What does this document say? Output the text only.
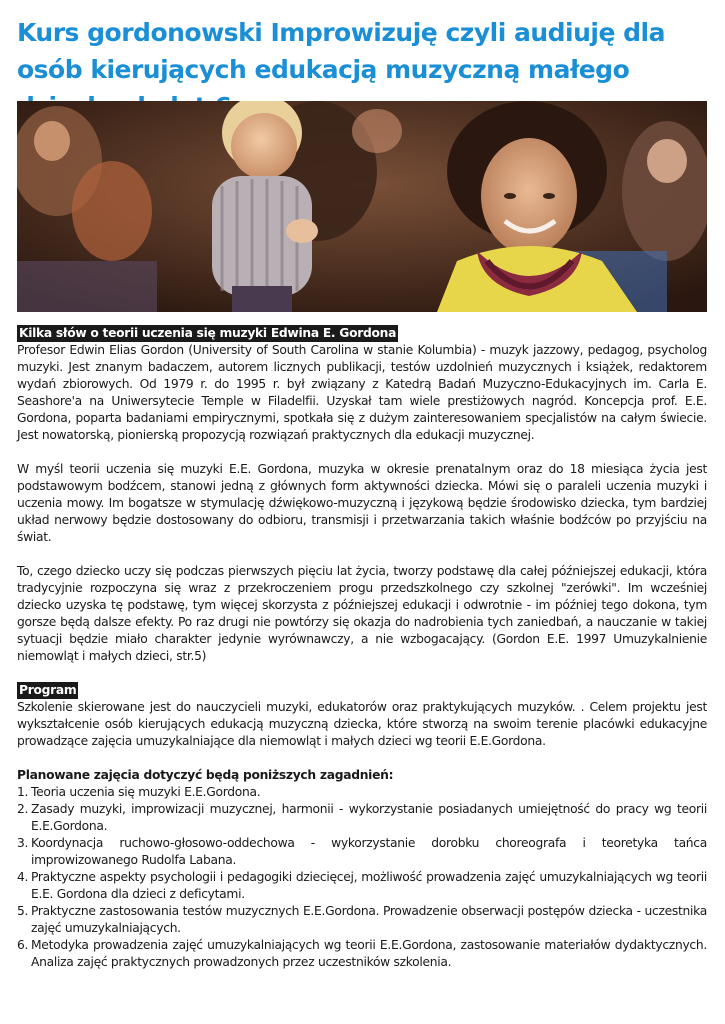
Kurs gordonowski Improwizuję czyli audiuję dla osób kierujących edukacją muzyczną małego
Kilka słów o teorii uczenia się muzyki Edwina E. Gordona

Profesor Edwin Elias Gordon (University of South Carolina w stanie Kolumbia) - muzyk jazzowy, pedagog, psycholog muzyki. Jest znanym badaczem, autorem licznych publikacji, testów uzdolnień muzycznych i książek, redaktorem wydań zbiorowych. Od 1979 r. do 1995 r. był związany z Katedrą Badań Muzyczno-Edukacyjnych im. Carla E. Seashore'a na Uniwersytecie Temple w Filadelfii. Uzyskał tam wiele prestiżowych nagród. Koncepcja prof. E.E. Gordona, poparta badaniami empirycznymi, spotkała się z dużym zainteresowaniem specjalistów na całym świecie. Jest nowatorską, pionierską propozycją rozwiązań praktycznych dla edukacji muzycznej.

W myśl teorii uczenia się muzyki E.E. Gordona, muzyka w okresie prenatalnym oraz do 18 miesiąca życia jest podstawowym bodźcem, stanowi jedną z głównych form aktywności dziecka. Mówi się o paraleli uczenia muzyki i uczenia mowy. Im bogatsze w stymulację dźwiękowo-muzyczną i językową będzie środowisko dziecka, tym bardziej układ nerwowy będzie dostosowany do odbioru, transmisji i przetwarzania takich właśnie bodźców po przyjściu na świat.

To, czego dziecko uczy się podczas pierwszych pięciu lat życia, tworzy podstawę dla całej późniejszej edukacji, która tradycyjnie rozpoczyna się wraz z przekroczeniem progu przedszkolnego czy szkolnej "zerówki". Im wcześniej dziecko uzyska tę podstawę, tym więcej skorzysta z późniejszej edukacji i odwrotnie - im później tego dokona, tym gorsze będą dalsze efekty. Po raz drugi nie powtórzy się okazja do nadrobienia tych zaniedbań, a nauczanie w takiej sytuacji będzie miało charakter jedynie wyrównawczy, a nie wzbogacający. (Gordon E.E. 1997 Umuzykalnienie niemowląt i małych dzieci, str.5)

Program

Szkolenie skierowane jest do nauczycieli muzyki, edukatorów oraz praktykujących muzyków. . Celem projektu jest wykształcenie osób kierujących edukacją muzyczną dziecka, które stworzą na swoim terenie placówki edukacyjne prowadzące zajęcia umuzykalniające dla niemowląt i małych dzieci wg teorii E.E.Gordona.

Planowane zajęcia dotyczyć będą poniższych zagadnień:

1. Teoria uczenia się muzyki E.E.Gordona.
2. Zasady muzyki, improwizacji muzycznej, harmonii - wykorzystanie posiadanych umiejętność do pracy wg teorii E.E.Gordona.
3. Koordynacja ruchowo-głosowo-oddechowa - wykorzystanie dorobku choreografa i teoretyka tańca improwizowanego Rudolfa Labana.
4. Praktyczne aspekty psychologii i pedagogiki dziecięcej, możliwość prowadzenia zajęć umuzykalniających wg teorii E.E. Gordona dla dzieci z deficytami.
5. Praktyczne zastosowania testów muzycznych E.E.Gordona. Prowadzenie obserwacji postępów dziecka - uczestnika zajęć umuzykalniających.
6. Metodyka prowadzenia zajęć umuzykalniających wg teorii E.E.Gordona, zastosowanie materiałów dydaktycznych. Analiza zajęć praktycznych prowadzonych przez uczestników szkolenia.
